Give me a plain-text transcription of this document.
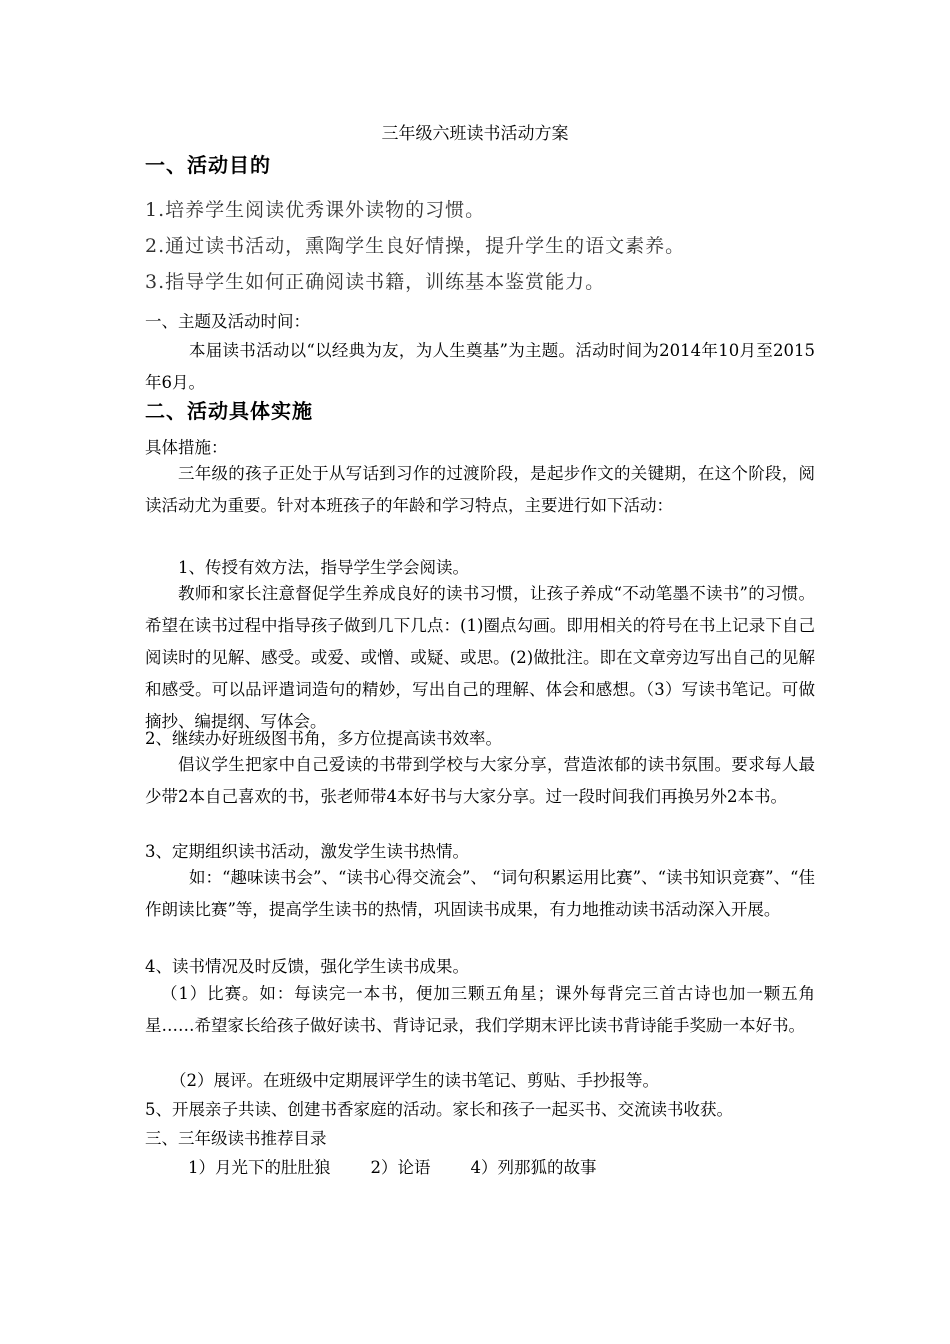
三年级六班读书活动方案
一、活动目的
1.培养学生阅读优秀课外读物的习惯。
2.通过读书活动，熏陶学生良好情操，提升学生的语文素养。
3.指导学生如何正确阅读书籍，训练基本鉴赏能力。
一、主题及活动时间：
本届读书活动以“以经典为友，为人生奠基”为主题。活动时间为2014年10月至2015年6月。
二、活动具体实施
具体措施：
三年级的孩子正处于从写话到习作的过渡阶段，是起步作文的关键期，在这个阶段，阅读活动尤为重要。针对本班孩子的年龄和学习特点，主要进行如下活动：
1、传授有效方法，指导学生学会阅读。
教师和家长注意督促学生养成良好的读书习惯，让孩子养成“不动笔墨不读书”的习惯。希望在读书过程中指导孩子做到几下几点：(1)圈点勾画。即用相关的符号在书上记录下自己阅读时的见解、感受。或爱、或憎、或疑、或思。(2)做批注。即在文章旁边写出自己的见解和感受。可以品评遣词造句的精妙，写出自己的理解、体会和感想。（3）写读书笔记。可做摘抄、编提纲、写体会。
2、继续办好班级图书角，多方位提高读书效率。
倡议学生把家中自己爱读的书带到学校与大家分享，营造浓郁的读书氛围。要求每人最少带2本自己喜欢的书，张老师带4本好书与大家分享。过一段时间我们再换另外2本书。
3、定期组织读书活动，激发学生读书热情。
如：“趣味读书会”、“读书心得交流会”、 “词句积累运用比赛”、“读书知识竞赛”、“佳作朗读比赛”等，提高学生读书的热情，巩固读书成果，有力地推动读书活动深入开展。
4、读书情况及时反馈，强化学生读书成果。
（1）比赛。如：每读完一本书，便加三颗五角星；课外每背完三首古诗也加一颗五角星……希望家长给孩子做好读书、背诗记录，我们学期末评比读书背诗能手奖励一本好书。
（2）展评。在班级中定期展评学生的读书笔记、剪贴、手抄报等。
5、开展亲子共读、创建书香家庭的活动。家长和孩子一起买书、交流读书收获。
三、三年级读书推荐目录
1）月光下的肚肚狼 2）论语 4）列那狐的故事
